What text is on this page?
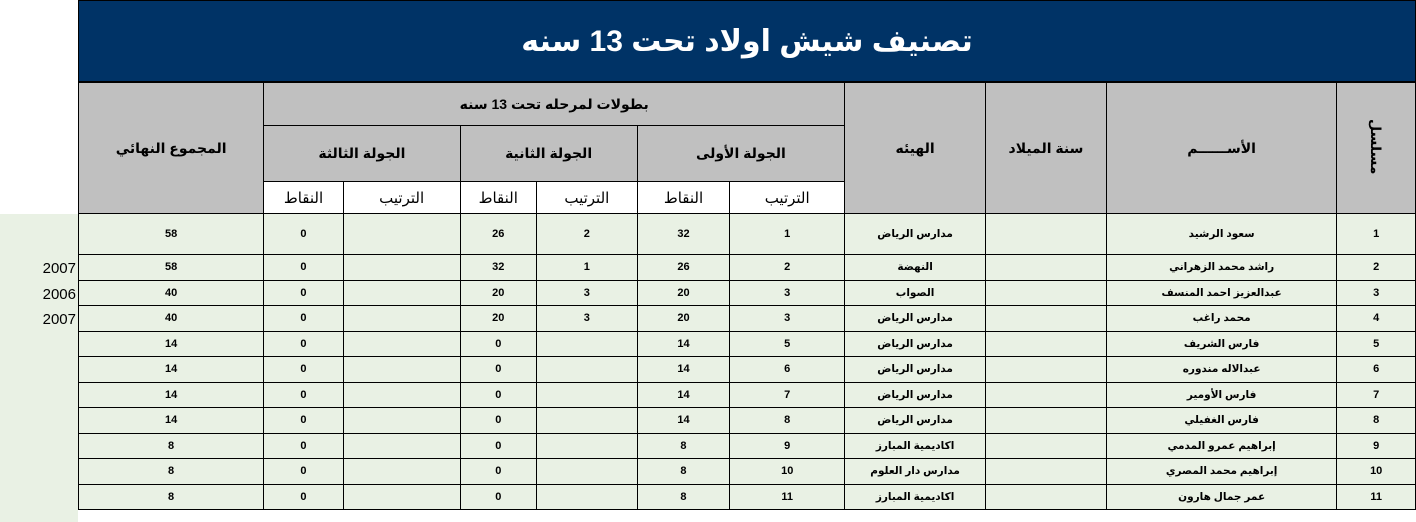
2007
2006
2007
تصنيف شيش اولاد تحت 13 سنه
المجموع النهائي	بطولات لمرحله تحت 13 سنه						الهيئه	سنة الميلاد	الأســــــم	مسلسل
	الجولة الثالثة		الجولة الثانية		الجولة الأولى					
	النقاط	الترتيب	النقاط	الترتيب	النقاط	الترتيب				
58	0		26	2	32	1	مدارس الرياض		سعود الرشيد	1
58	0		32	1	26	2	النهضة		راشد محمد الزهراني	2
40	0		20	3	20	3	الصواب		عبدالعزيز احمد المنسف	3
40	0		20	3	20	3	مدارس الرياض		محمد راغب	4
14	0		0		14	5	مدارس الرياض		فارس الشريف	5
14	0		0		14	6	مدارس الرياض		عبدالاله مندوره	6
14	0		0		14	7	مدارس الرياض		فارس الأومير	7
14	0		0		14	8	مدارس الرياض		فارس الغفيلي	8
8	0		0		8	9	اكاديمية المبارز		إبراهيم عمرو المدمي	9
8	0		0		8	10	مدارس دار العلوم		إبراهيم محمد المصري	10
8	0		0		8	11	اكاديمية المبارز		عمر جمال هارون	11
